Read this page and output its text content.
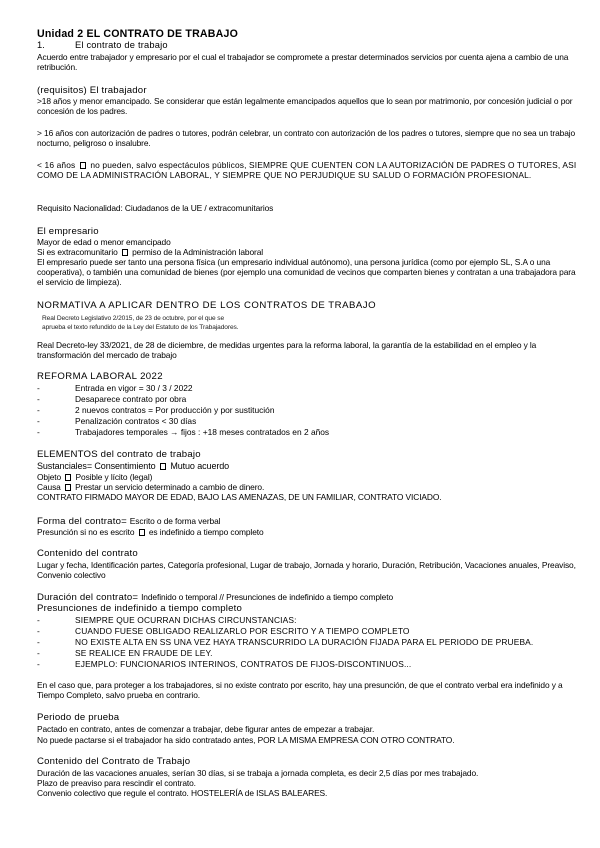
Unidad 2 EL CONTRATO DE TRABAJO
1.	El contrato de trabajo
Acuerdo entre trabajador y empresario por el cual el trabajador se compromete a prestar determinados servicios por cuenta ajena a cambio de una retribución.
(requisitos) El trabajador
>18 años y menor emancipado. Se considerar que están legalmente emancipados aquellos que lo sean por matrimonio, por concesión judicial o por concesión de los padres.
> 16 años con autorización de padres o tutores, podrán celebrar, un contrato con autorización de los padres o tutores, siempre que no sea un trabajo nocturno, peligroso o insalubre.
< 16 años  no pueden, salvo espectáculos públicos, SIEMPRE QUE CUENTEN CON LA AUTORIZACIÓN DE PADRES O TUTORES, ASI COMO DE LA ADMINISTRACIÓN LABORAL, Y SIEMPRE QUE NO PERJUDIQUE SU SALUD O FORMACIÓN PROFESIONAL.
Requisito Nacionalidad: Ciudadanos de la UE / extracomunitarios
El empresario
Mayor de edad o menor emancipado
Si es extracomunitario  permiso de la Administración laboral
El empresario puede ser tanto una persona física (un empresario individual autónomo), una persona jurídica (como por ejemplo SL, S.A o una cooperativa), o también una comunidad de bienes (por ejemplo una comunidad de vecinos que comparten bienes y contratan a una trabajadora para el servicio de limpieza).
NORMATIVA A APLICAR DENTRO DE LOS CONTRATOS DE TRABAJO
Real Decreto Legislativo 2/2015, de 23 de octubre, por el que se
aprueba el texto refundido de la Ley del Estatuto de los Trabajadores.
Real Decreto-ley 33/2021, de 28 de diciembre, de medidas urgentes para la reforma laboral, la garantía de la estabilidad en el empleo y la transformación del mercado de trabajo
REFORMA LABORAL 2022
-	Entrada en vigor = 30 / 3 / 2022
-	Desaparece contrato por obra
-	2 nuevos contratos = Por producción y por sustitución
-	Penalización contratos < 30 días
-	Trabajadores temporales → fijos : +18 meses contratados en 2 años
ELEMENTOS del contrato de trabajo
Sustanciales= Consentimiento  Mutuo acuerdo
Objeto  Posible y lícito (legal)
Causa  Prestar un servicio determinado a cambio de dinero.
CONTRATO FIRMADO MAYOR DE EDAD, BAJO LAS AMENAZAS, DE UN FAMILIAR, CONTRATO VICIADO.
Forma del contrato= Escrito o de forma verbal
Presunción si no es escrito  es indefinido a tiempo completo
Contenido del contrato
Lugar y fecha, Identificación partes, Categoría profesional, Lugar de trabajo, Jornada y horario, Duración, Retribución, Vacaciones anuales, Preaviso, Convenio colectivo
Duración del contrato= Indefinido o temporal // Presunciones de indefinido a tiempo completo
Presunciones de indefinido a tiempo completo
-	SIEMPRE QUE OCURRAN DICHAS CIRCUNSTANCIAS:
-	CUANDO FUESE OBLIGADO REALIZARLO POR ESCRITO Y A TIEMPO COMPLETO
-	NO EXISTE ALTA EN SS UNA VEZ HAYA TRANSCURRIDO LA DURACIÓN FIJADA PARA EL PERIODO DE PRUEBA.
-	SE REALICE EN FRAUDE DE LEY.
-	EJEMPLO: FUNCIONARIOS INTERINOS, CONTRATOS DE FIJOS-DISCONTINUOS...
En el caso que, para proteger a los trabajadores, si no existe contrato por escrito, hay una presunción, de que el contrato verbal era indefinido y a Tiempo Completo, salvo prueba en contrario.
Periodo de prueba
Pactado en contrato, antes de comenzar a trabajar, debe figurar antes de empezar a trabajar.
No puede pactarse si el trabajador ha sido contratado antes, POR LA MISMA EMPRESA CON OTRO CONTRATO.
Contenido del Contrato de Trabajo
Duración de las vacaciones anuales, serían 30 días, si se trabaja a jornada completa, es decir 2,5 días por mes trabajado.
Plazo de preaviso para rescindir el contrato.
Convenio colectivo que regule el contrato. HOSTELERÍA de ISLAS BALEARES.
